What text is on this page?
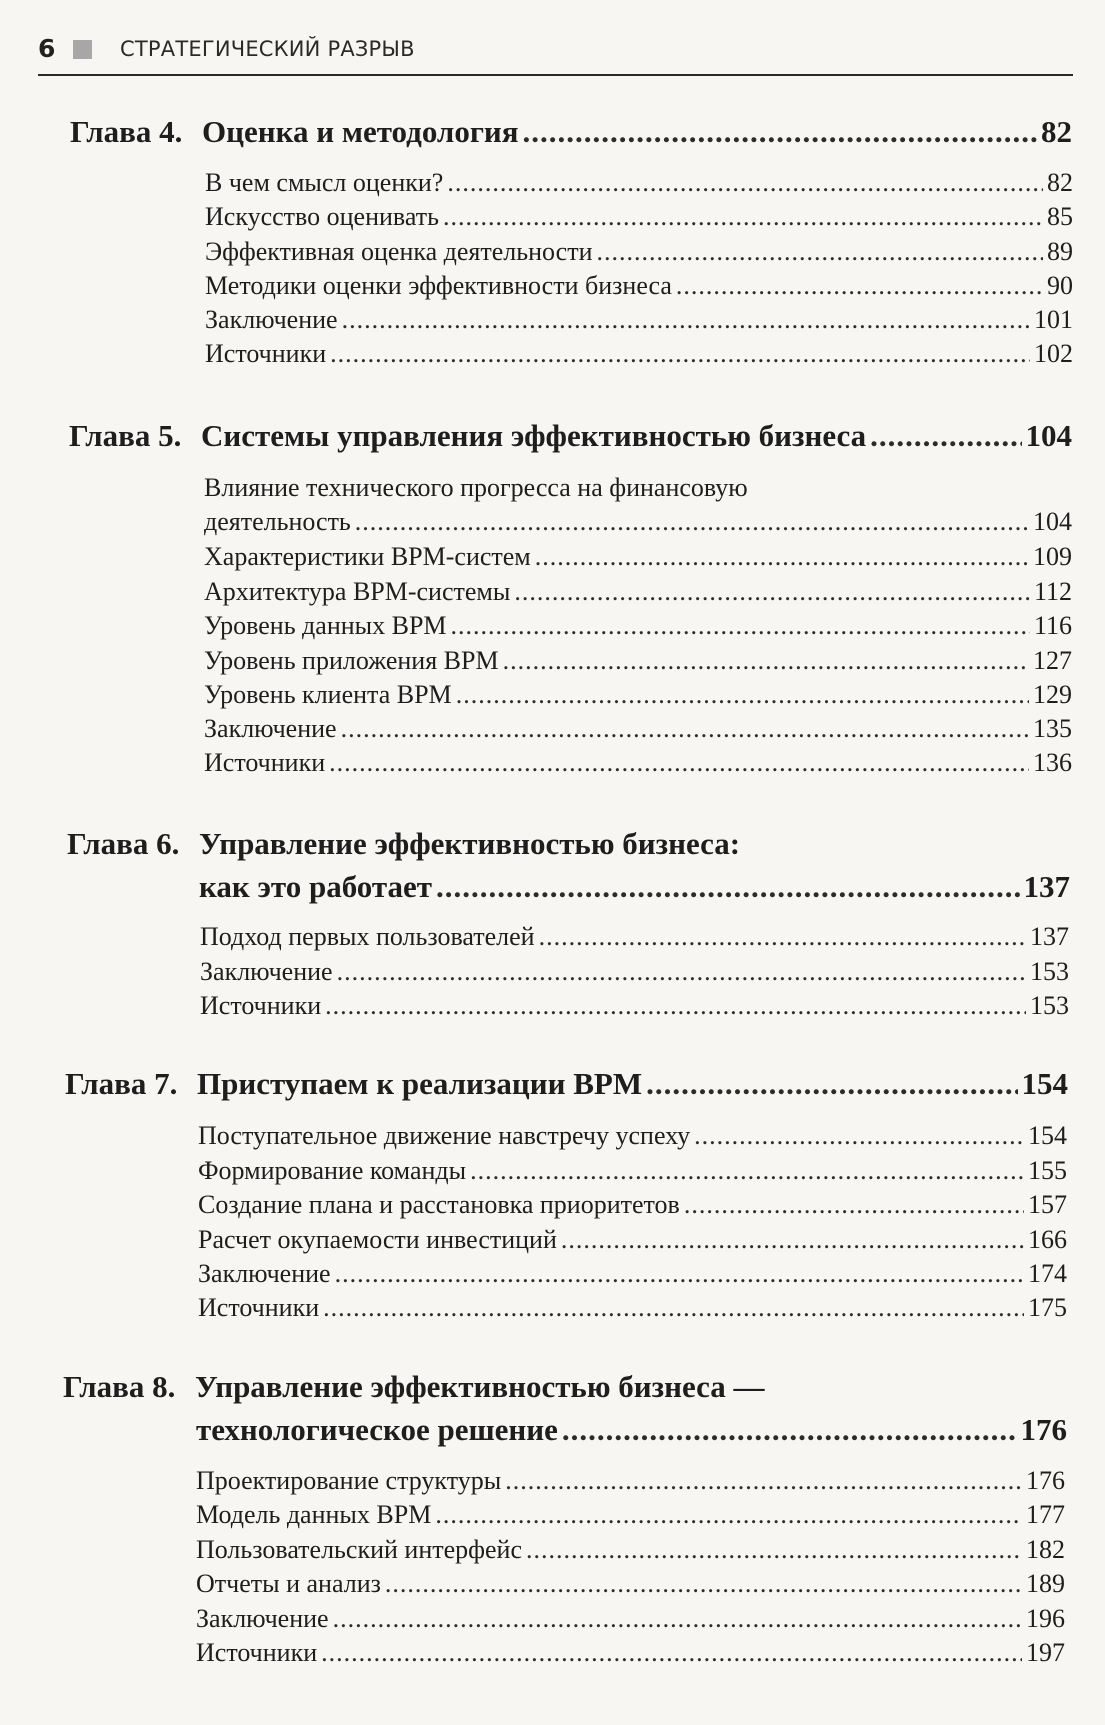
6	СТРАТЕГИЧЕСКИЙ РАЗРЫВ
Глава 4. Оценка и методология .....	82
В чем смысл оценки? .....	82
Искусство оценивать .....	85
Эффективная оценка деятельности .....	89
Методики оценки эффективности бизнеса .....	90
Заключение .....	101
Источники .....	102
Глава 5. Системы управления эффективностью бизнеса .....	104
Влияние технического прогресса на финансовую
деятельность .....	104
Характеристики BPM-систем .....	109
Архитектура BPM-системы .....	112
Уровень данных BPM .....	116
Уровень приложения BPM .....	127
Уровень клиента BPM .....	129
Заключение .....	135
Источники .....	136
Глава 6. Управление эффективностью бизнеса:
как это работает .....	137
Подход первых пользователей .....	137
Заключение .....	153
Источники .....	153
Глава 7. Приступаем к реализации BPM .....	154
Поступательное движение навстречу успеху .....	154
Формирование команды .....	155
Создание плана и расстановка приоритетов .....	157
Расчет окупаемости инвестиций .....	166
Заключение .....	174
Источники .....	175
Глава 8. Управление эффективностью бизнеса —
технологическое решение .....	176
Проектирование структуры .....	176
Модель данных BPM .....	177
Пользовательский интерфейс .....	182
Отчеты и анализ .....	189
Заключение .....	196
Источники .....	197
